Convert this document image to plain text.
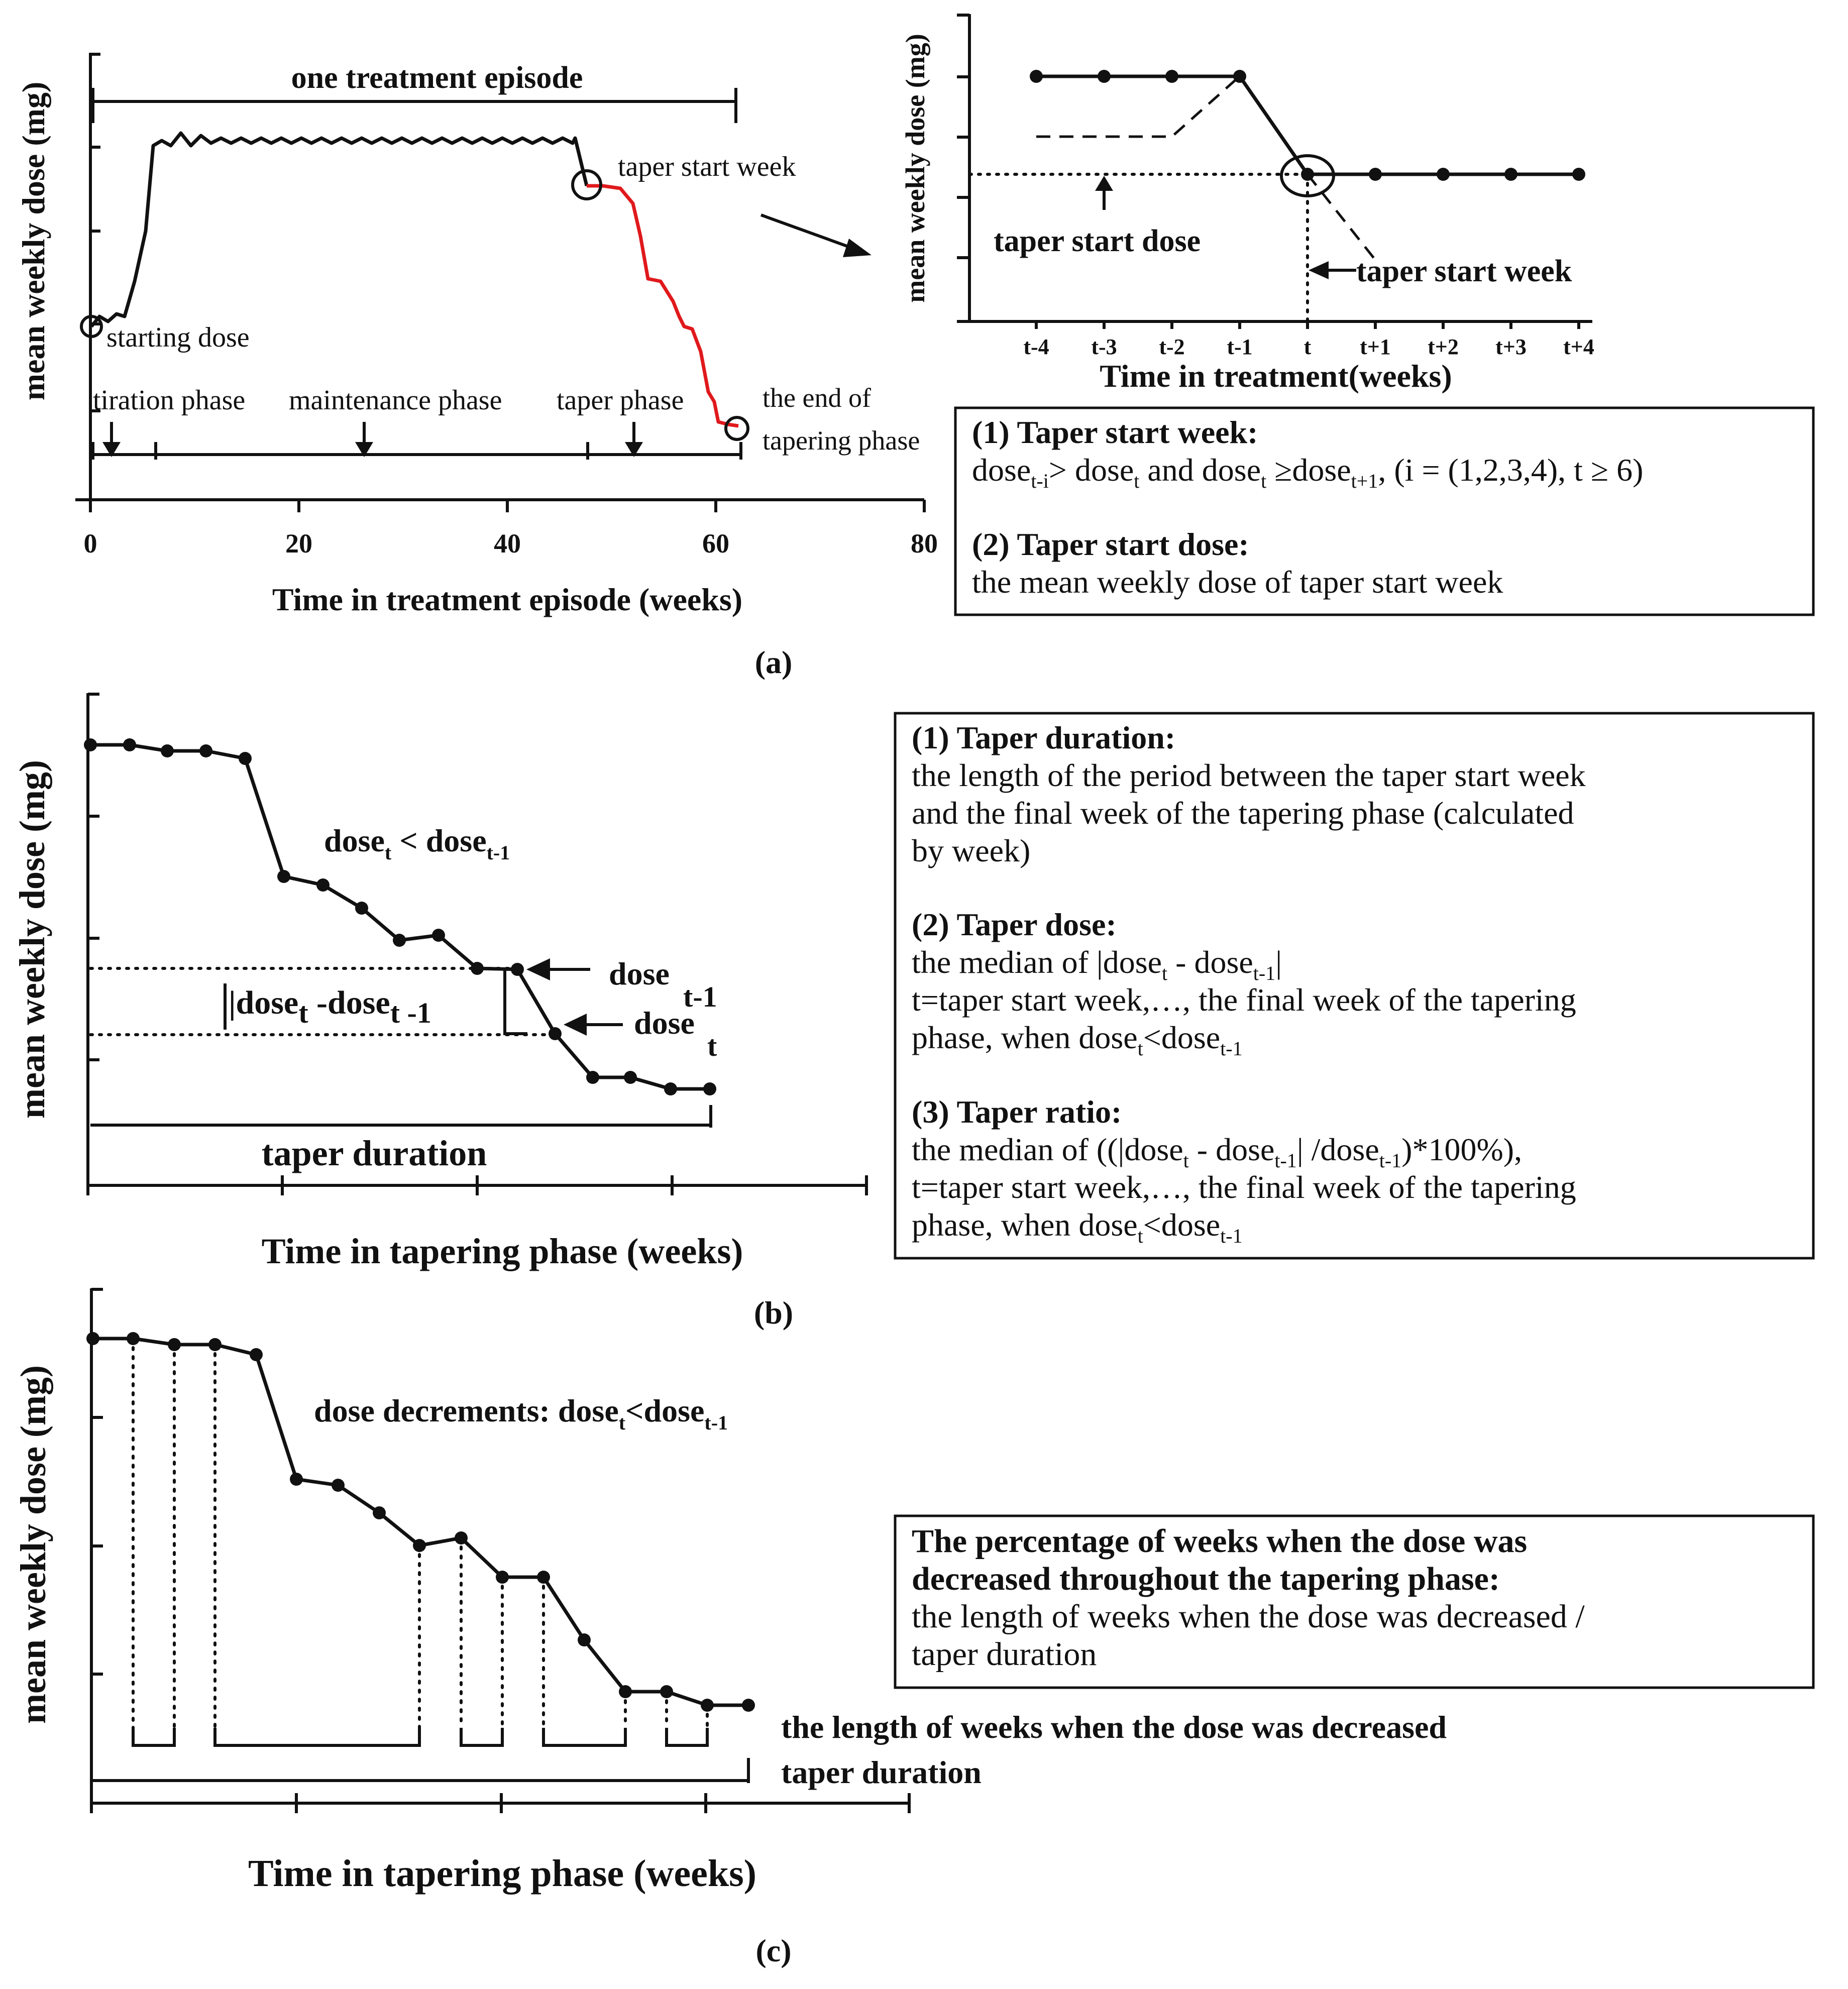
0	20	40	60	80
Time in treatment episode (weeks)
mean weekly dose (mg)
one treatment episode
taper start week
starting dose
tiration phase maintenance phase taper phase	the end of
tapering phase
t-4 t-3 t-2 t-1 t t+1 t+2 t+3 t+4
Time in treatment(weeks)
mean weekly dose (mg) taper start dose
taper start week
(1) Taper start week:
dose$_{t-i}$> dose$_t$ and dose$_t$ ≥dose$_{t+1}$, (i = (1,2,3,4), t ≥ 6)
(2) Taper start dose:
the mean weekly dose of taper start week
(a)
Time in tapering phase (weeks)
mean weekly dose (mg)	dose$_t$ < dose$_{t-1}$
|doset -doset -1
doset-1
doset
taper duration
(1) Taper duration:
the length of the period between the taper start week
and the final week of the tapering phase (calculated
by week)
(2) Taper dose:
the median of |dose$_t$ - dose$_{t-1}$|
t=taper start week,…, the final week of the tapering
phase, when dose$_t$<dose$_{t-1}$
(3) Taper ratio:
the median of ((|dose$_t$ - dose$_{t-1}$| /dose$_{t-1}$)*100%),
t=taper start week,…, the final week of the tapering
phase, when dose$_t$<dose$_{t-1}$
(b)
Time in tapering phase (weeks)
mean weekly dose (mg)	dose decrements: dose$_t$<dose$_{t-1}$
the length of weeks when the dose was decreased
taper duration
The percentage of weeks when the dose was
decreased throughout the tapering phase:
the length of weeks when the dose was decreased /
taper duration
(c)
